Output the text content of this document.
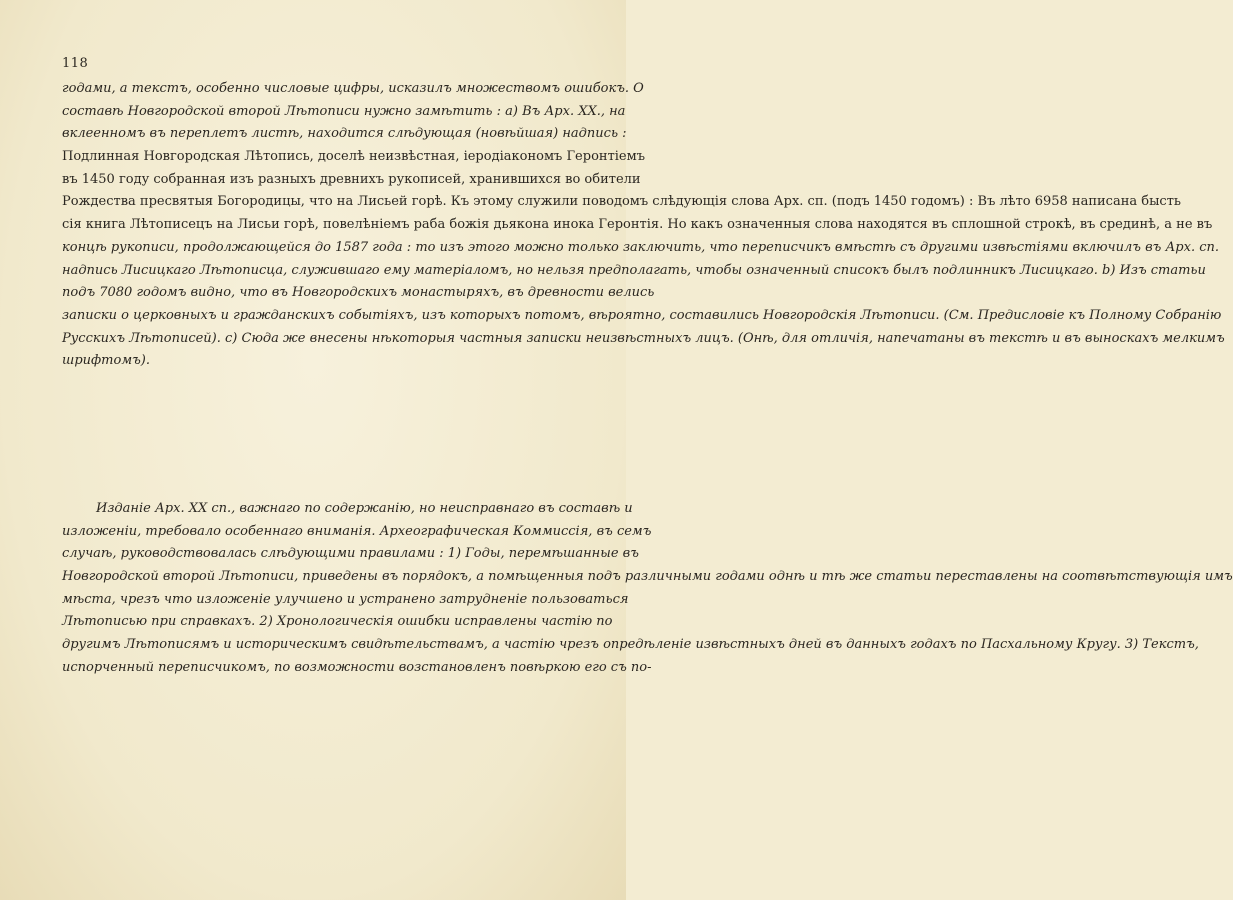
118
годами, а текстъ, особенно числовые цифры, исказилъ множествомъ ошибокъ. О
составѣ Новгородской второй Лѣтописи нужно замѣтить : а) Въ Арх. XX., на
вклеенномъ въ переплетъ листѣ, находится слѣдующая (новѣйшая) надпись :
Подлинная Новгородская Лѣтопись, доселѣ неизвѣстная, іеродіакономъ Геронтіемъ
въ 1450 году собранная изъ разныхъ древнихъ рукописей, хранившихся во обители
Рождества пресвятыя Богородицы, что на Лисьей горѣ. Къ этому служили поводомъ слѣдующія слова Арх. сп. (подъ 1450 годомъ) : Въ лѣто 6958 написана бысть
сія книга Лѣтописецъ на Лисьи горѣ, повелѣніемъ раба божія дьякона инока Геронтія. Но какъ означенныя слова находятся въ сплошной строкѣ, въ срединѣ, а не въ
концѣ рукописи, продолжающейся до 1587 года : то изъ этого можно только заключить, что переписчикъ вмѣстѣ съ другими извѣстіями включилъ въ Арх. сп.
надпись Лисицкаго Лѣтописца, служившаго ему матеріаломъ, но нельзя предполагать, чтобы означенный списокъ былъ подлинникъ Лисицкаго. b) Изъ статьи
подъ 7080 годомъ видно, что въ Новгородскихъ монастыряхъ, въ древности велись
записки о церковныхъ и гражданскихъ событіяхъ, изъ которыхъ потомъ, вѣроятно, составились Новгородскія Лѣтописи. (См. Предисловіе къ Полному Собранію
Русскихъ Лѣтописей). с) Сюда же внесены нѣкоторыя частныя записки неизвѣстныхъ лицъ. (Онѣ, для отличія, напечатаны въ текстѣ и въ выноскахъ мелкимъ
шрифтомъ).
Изданіе Арх. XX сп., важнаго по содержанію, но неисправнаго въ составѣ и
изложеніи, требовало особеннаго вниманія. Археографическая Коммиссія, въ семъ
случаѣ, руководствовалась слѣдующими правилами : 1) Годы, перемѣшанные въ
Новгородской второй Лѣтописи, приведены въ порядокъ, а помѣщенныя подъ различными годами однѣ и тѣ же статьи переставлены на соотвѣтствующія имъ
мѣста, чрезъ что изложеніе улучшено и устранено затрудненіе пользоваться
Лѣтописью при справкахъ. 2) Хронологическія ошибки исправлены частію по
другимъ Лѣтописямъ и историческимъ свидѣтельствамъ, а частію чрезъ опредѣленіе извѣстныхъ дней въ данныхъ годахъ по Пасхальному Кругу. 3) Текстъ,
испорченный переписчикомъ, по возможности возстановленъ повѣркою его съ по-
